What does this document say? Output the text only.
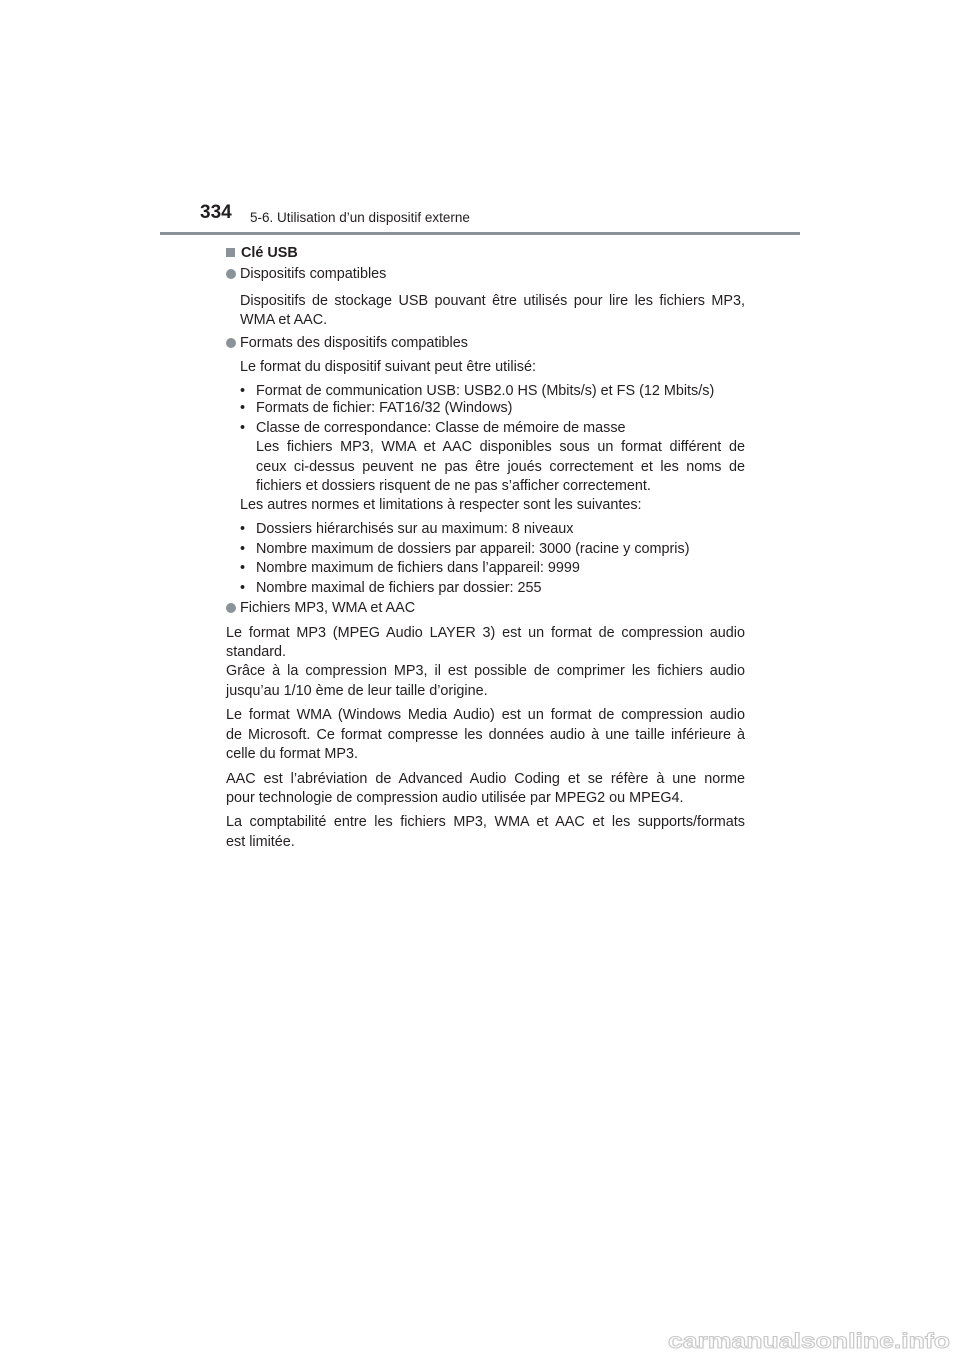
334 5-6. Utilisation d’un dispositif externe
Clé USB
Dispositifs compatibles
Dispositifs de stockage USB pouvant être utilisés pour lire les fichiers MP3,
WMA et AAC.
Formats des dispositifs compatibles
Le format du dispositif suivant peut être utilisé:
• Format de communication USB: USB2.0 HS (Mbits/s) et FS (12 Mbits/s)
• Formats de fichier: FAT16/32 (Windows)
• Classe de correspondance: Classe de mémoire de masse
Les fichiers MP3, WMA et AAC disponibles sous un format différent de
ceux ci-dessus peuvent ne pas être joués correctement et les noms de
fichiers et dossiers risquent de ne pas s’afficher correctement.
Les autres normes et limitations à respecter sont les suivantes:
• Dossiers hiérarchisés sur au maximum: 8 niveaux
• Nombre maximum de dossiers par appareil: 3000 (racine y compris)
• Nombre maximum de fichiers dans l’appareil: 9999
• Nombre maximal de fichiers par dossier: 255
Fichiers MP3, WMA et AAC
Le format MP3 (MPEG Audio LAYER 3) est un format de compression audio
standard.
Grâce à la compression MP3, il est possible de comprimer les fichiers audio
jusqu’au 1/10 ème de leur taille d’origine.
Le format WMA (Windows Media Audio) est un format de compression audio
de Microsoft. Ce format compresse les données audio à une taille inférieure à
celle du format MP3.
AAC est l’abréviation de Advanced Audio Coding et se réfère à une norme
pour technologie de compression audio utilisée par MPEG2 ou MPEG4.
La comptabilité entre les fichiers MP3, WMA et AAC et les supports/formats
est limitée.
carmanualsonline.info
